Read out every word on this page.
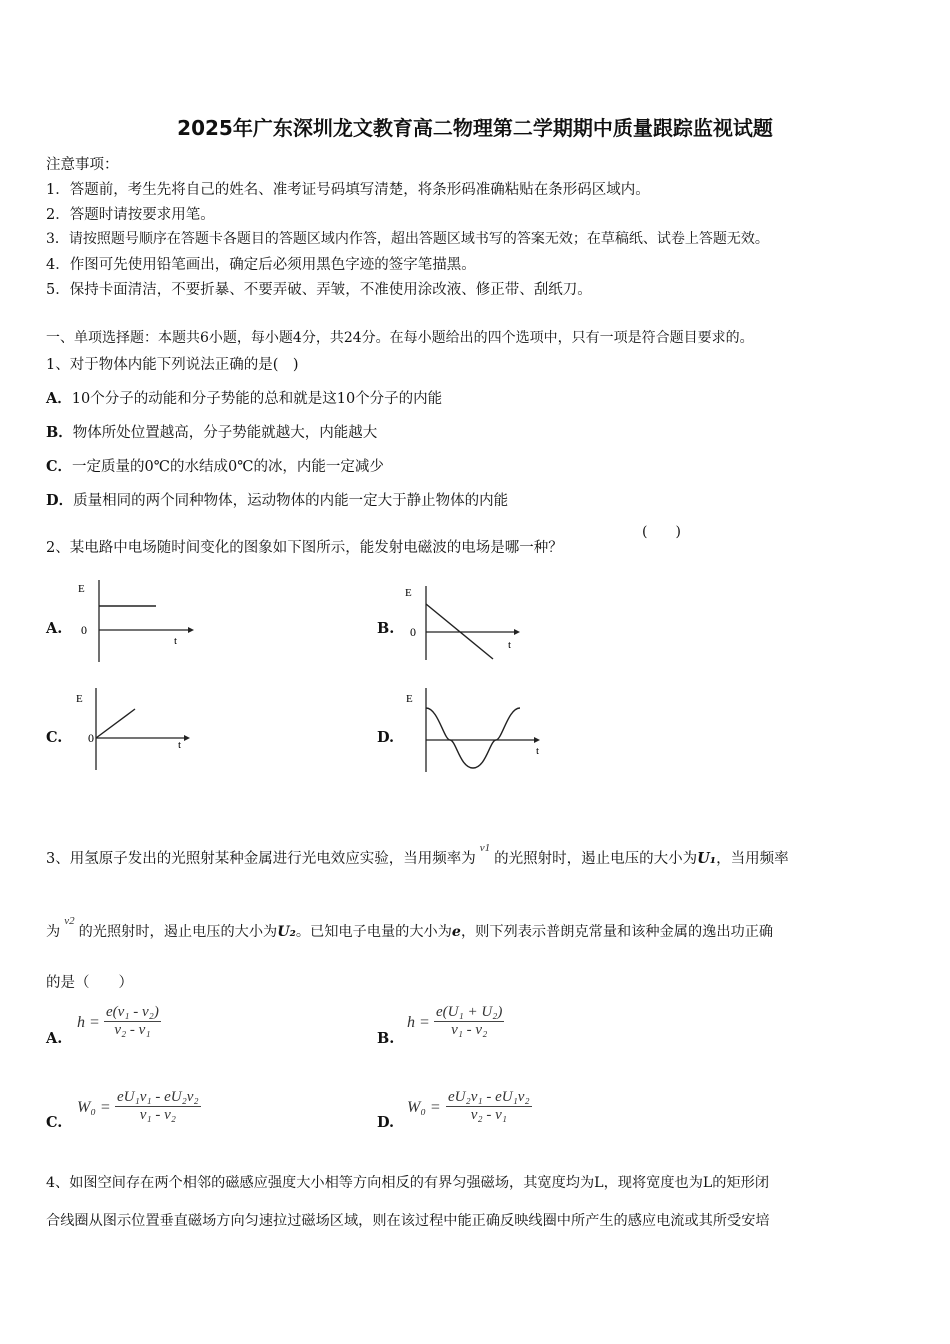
2025年广东深圳龙文教育高二物理第二学期期中质量跟踪监视试题
注意事项：
1．答题前，考生先将自己的姓名、准考证号码填写清楚，将条形码准确粘贴在条形码区域内。
2．答题时请按要求用笔。
3．请按照题号顺序在答题卡各题目的答题区域内作答，超出答题区域书写的答案无效；在草稿纸、试卷上答题无效。
4．作图可先使用铅笔画出，确定后必须用黑色字迹的签字笔描黑。
5．保持卡面清洁，不要折暴、不要弄破、弄皱，不准使用涂改液、修正带、刮纸刀。
一、单项选择题：本题共6小题，每小题4分，共24分。在每小题给出的四个选项中，只有一项是符合题目要求的。
1、对于物体内能下列说法正确的是(　)
A．10个分子的动能和分子势能的总和就是这10个分子的内能
B．物体所处位置越高，分子势能就越大，内能越大
C．一定质量的0℃的水结成0℃的冰，内能一定减少
D．质量相同的两个同种物体，运动物体的内能一定大于静止物体的内能
2、某电路中电场随时间变化的图象如下图所示，能发射电磁波的电场是哪一种？
(　　)
A.	B.
C.	D.
E
0
t
E
0
t
E
0	t
E
t
3、用氢原子发出的光照射某种金属进行光电效应实验，当用频率为$^{\nu 1}$的光照射时，遏止电压的大小为U₁，当用频率
为$^{\nu 2}$的光照射时，遏止电压的大小为U₂。已知电子电量的大小为e，则下列表示普朗克常量和该种金属的逸出功正确
的是（　　）
A.	B.
C.	D.
$h = \frac{\text{e(ν₁ - ν₂)}}{\text{ν₂ - ν₁}}$	$h = \frac{\text{e(U₁ + U₂)}}{\text{ν₁ - ν₂}}$
$W_0 = \frac{\text{eU₁ν₁ - eU₂ν₂}}{\text{ν₁ - ν₂}}$	$W_0 = \frac{\text{eU₂ν₁ - eU₁ν₂}}{\text{ν₂ - ν₁}}$
4、如图空间存在两个相邻的磁感应强度大小相等方向相反的有界匀强磁场，其宽度均为L，现将宽度也为L的矩形闭
合线圈从图示位置垂直磁场方向匀速拉过磁场区域，则在该过程中能正确反映线圈中所产生的感应电流或其所受安培
